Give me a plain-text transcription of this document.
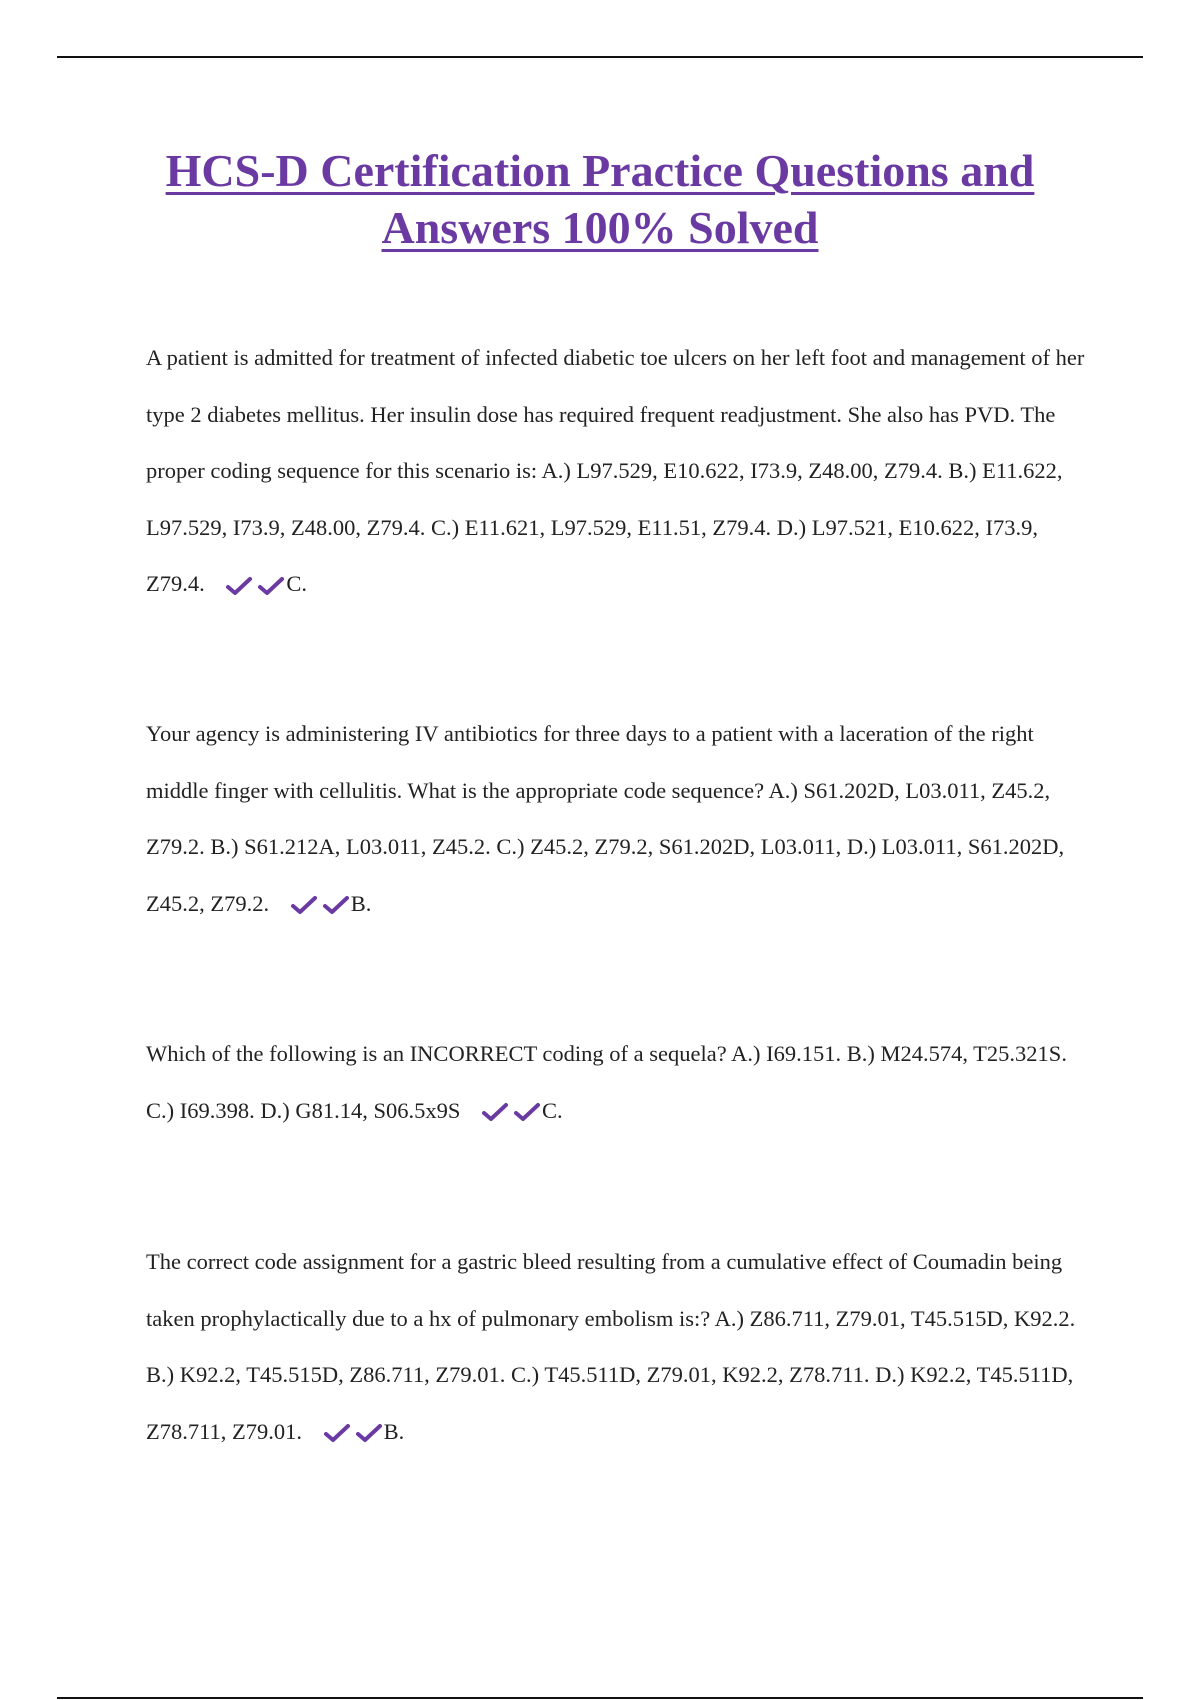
HCS-D Certification Practice Questions and
Answers 100% Solved
A patient is admitted for treatment of infected diabetic toe ulcers on her left foot and management of her type 2 diabetes mellitus. Her insulin dose has required frequent readjustment. She also has PVD. The proper coding sequence for this scenario is: A.) L97.529, E10.622, I73.9, Z48.00, Z79.4. B.) E11.622, L97.529, I73.9, Z48.00, Z79.4. C.) E11.621, L97.529, E11.51, Z79.4. D.) L97.521, E10.622, I73.9, Z79.4.	C.
Your agency is administering IV antibiotics for three days to a patient with a laceration of the right middle finger with cellulitis. What is the appropriate code sequence? A.) S61.202D, L03.011, Z45.2, Z79.2. B.) S61.212A, L03.011, Z45.2. C.) Z45.2, Z79.2, S61.202D, L03.011, D.) L03.011, S61.202D, Z45.2, Z79.2.	B.
Which of the following is an INCORRECT coding of a sequela? A.) I69.151. B.) M24.574, T25.321S. C.) I69.398. D.) G81.14, S06.5x9S	C.
The correct code assignment for a gastric bleed resulting from a cumulative effect of Coumadin being taken prophylactically due to a hx of pulmonary embolism is:? A.) Z86.711, Z79.01, T45.515D, K92.2. B.) K92.2, T45.515D, Z86.711, Z79.01. C.) T45.511D, Z79.01, K92.2, Z78.711. D.) K92.2, T45.511D, Z78.711, Z79.01.	B.
